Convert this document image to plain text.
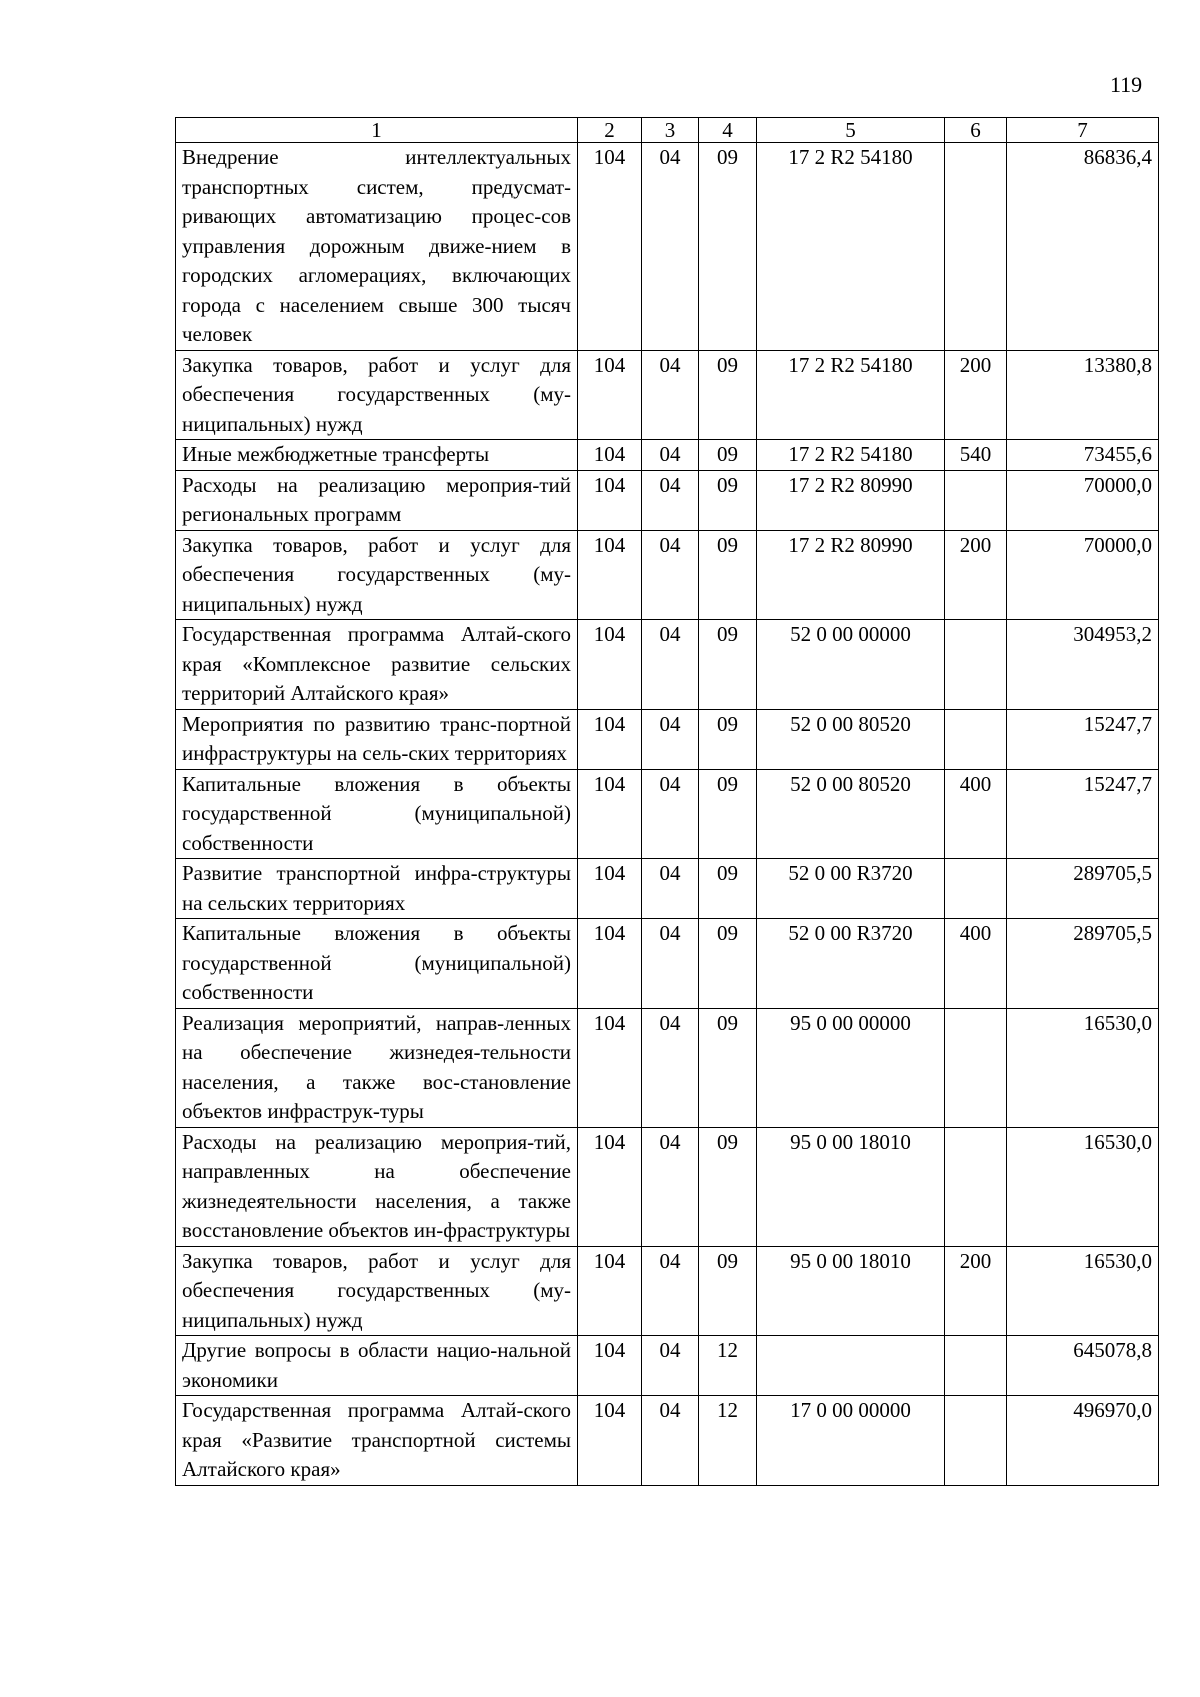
119
1	2	3	4	5	6	7
Внедрение интеллектуальных транспортных систем, предусмат-ривающих автоматизацию процес-сов управления дорожным движе-нием в городских агломерациях, включающих города с населением свыше 300 тысяч человек	104	04	09	17 2 R2 54180		86836,4
Закупка товаров, работ и услуг для обеспечения государственных (му-ниципальных) нужд	104	04	09	17 2 R2 54180	200	13380,8
Иные межбюджетные трансферты	104	04	09	17 2 R2 54180	540	73455,6
Расходы на реализацию мероприя-тий региональных программ	104	04	09	17 2 R2 80990		70000,0
Закупка товаров, работ и услуг для обеспечения государственных (му-ниципальных) нужд	104	04	09	17 2 R2 80990	200	70000,0
Государственная программа Алтай-ского края «Комплексное развитие сельских территорий Алтайского края»	104	04	09	52 0 00 00000		304953,2
Мероприятия по развитию транс-портной инфраструктуры на сель-ских территориях	104	04	09	52 0 00 80520		15247,7
Капитальные вложения в объекты государственной (муниципальной) собственности	104	04	09	52 0 00 80520	400	15247,7
Развитие транспортной инфра-структуры на сельских территориях	104	04	09	52 0 00 R3720		289705,5
Капитальные вложения в объекты государственной (муниципальной) собственности	104	04	09	52 0 00 R3720	400	289705,5
Реализация мероприятий, направ-ленных на обеспечение жизнедея-тельности населения, а также вос-становление объектов инфраструк-туры	104	04	09	95 0 00 00000		16530,0
Расходы на реализацию мероприя-тий, направленных на обеспечение жизнедеятельности населения, а также восстановление объектов ин-фраструктуры	104	04	09	95 0 00 18010		16530,0
Закупка товаров, работ и услуг для обеспечения государственных (му-ниципальных) нужд	104	04	09	95 0 00 18010	200	16530,0
Другие вопросы в области нацио-нальной экономики	104	04	12			645078,8
Государственная программа Алтай-ского края «Развитие транспортной системы Алтайского края»	104	04	12	17 0 00 00000		496970,0
